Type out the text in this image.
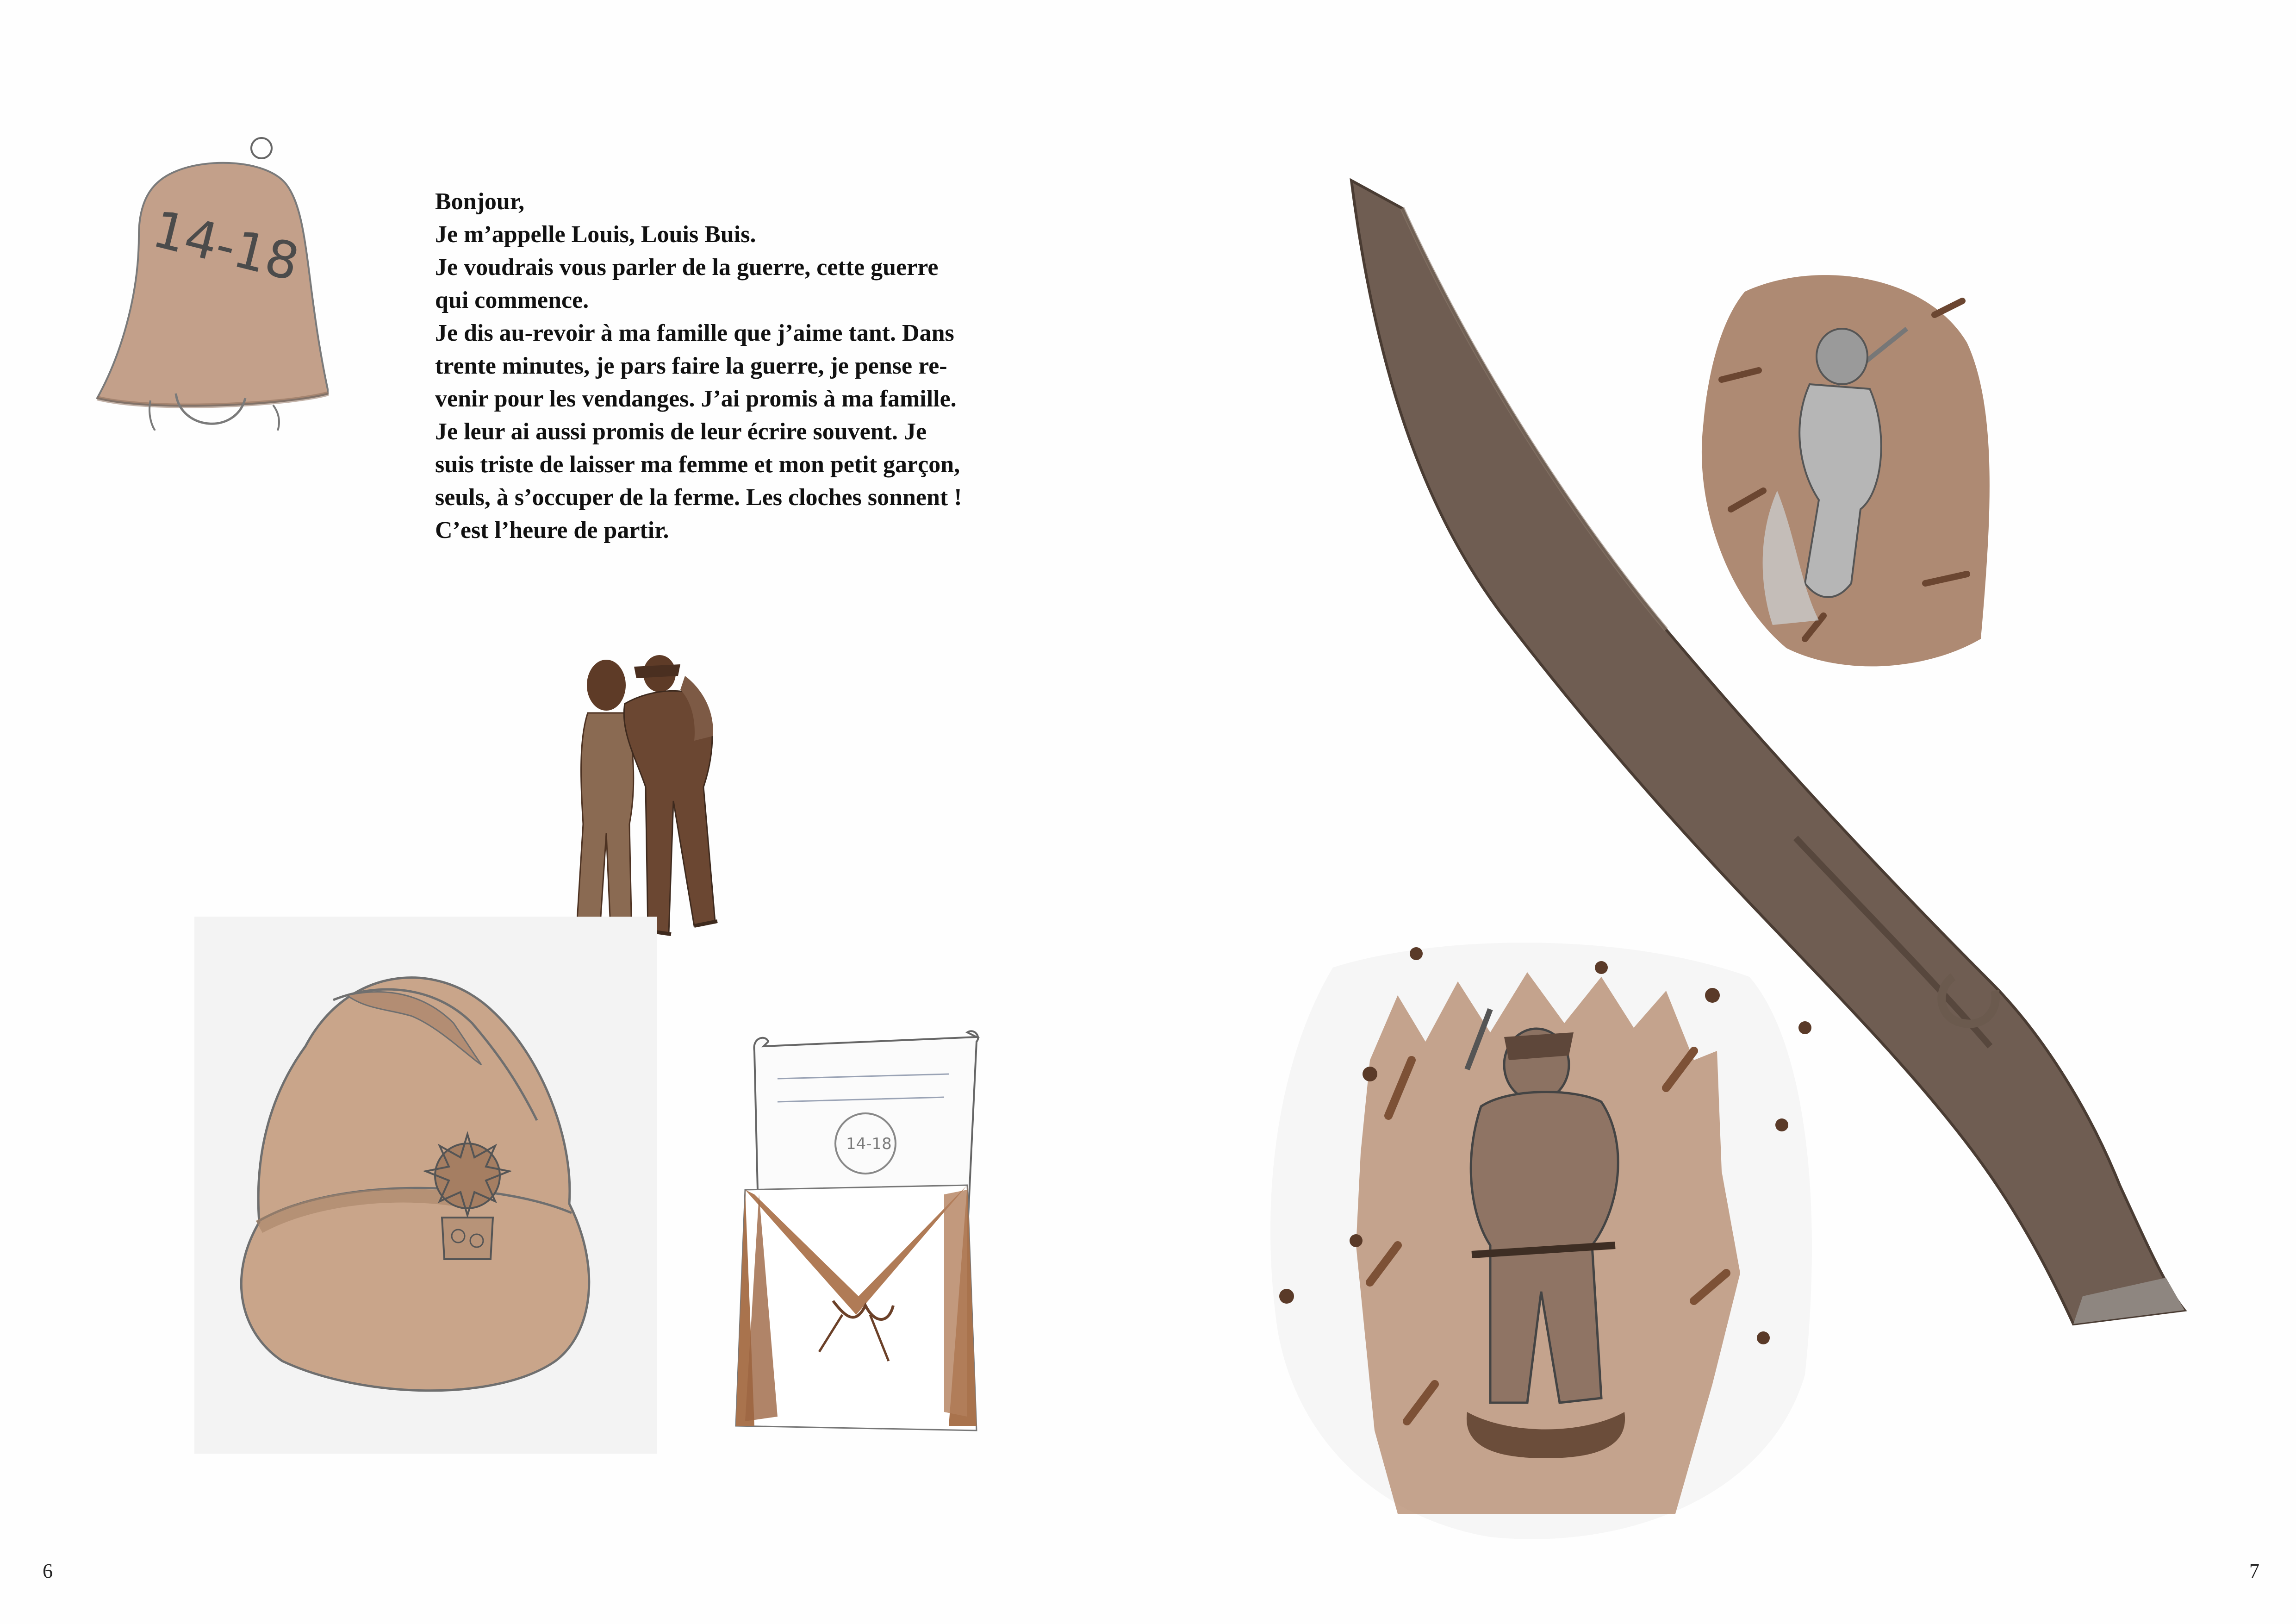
14-18	Bonjour,
Je m’appelle Louis, Louis Buis.
Je voudrais vous parler de la guerre, cette guerre
qui commence.
Je dis au-revoir à ma famille que j’aime tant. Dans
trente minutes, je pars faire la guerre, je pense re-
venir pour les vendanges. J’ai promis à ma famille.
Je leur ai aussi promis de leur écrire souvent. Je
suis triste de laisser ma femme et mon petit garçon,
seuls, à s’occuper de la ferme. Les cloches sonnent !
C’est l’heure de partir.
14-18
6	7
